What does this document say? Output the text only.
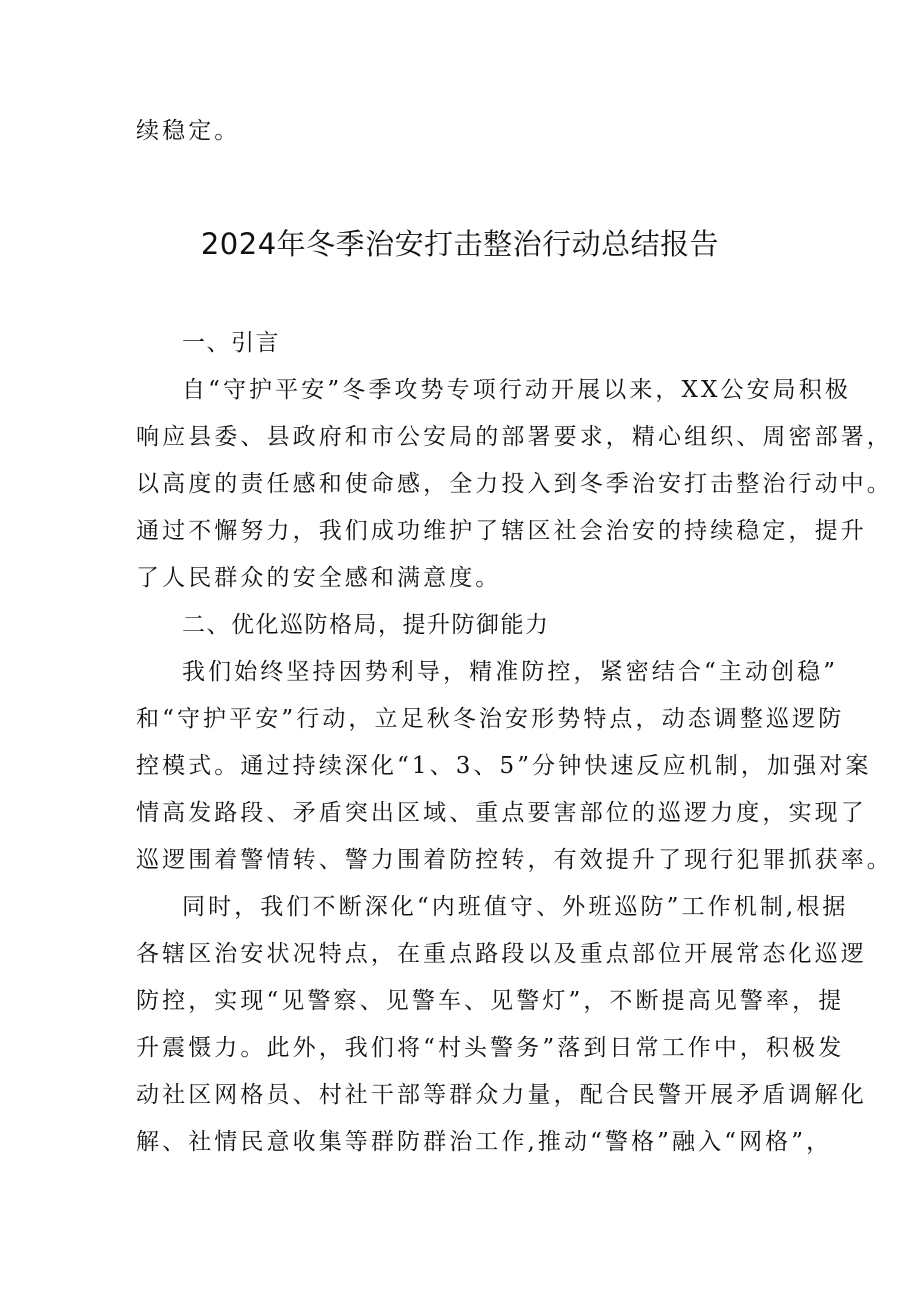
续稳定。
2024年冬季治安打击整治行动总结报告
一、引言
自“守护平安”冬季攻势专项行动开展以来，XX公安局积极
响应县委、县政府和市公安局的部署要求，精心组织、周密部署，
以高度的责任感和使命感，全力投入到冬季治安打击整治行动中。
通过不懈努力，我们成功维护了辖区社会治安的持续稳定，提升
了人民群众的安全感和满意度。
二、优化巡防格局，提升防御能力
我们始终坚持因势利导，精准防控，紧密结合“主动创稳”
和“守护平安”行动，立足秋冬治安形势特点，动态调整巡逻防
控模式。通过持续深化“1、3、5”分钟快速反应机制，加强对案
情高发路段、矛盾突出区域、重点要害部位的巡逻力度，实现了
巡逻围着警情转、警力围着防控转，有效提升了现行犯罪抓获率。
同时，我们不断深化“内班值守、外班巡防”工作机制,根据
各辖区治安状况特点，在重点路段以及重点部位开展常态化巡逻
防控，实现“见警察、见警车、见警灯”，不断提高见警率，提
升震慑力。此外，我们将“村头警务”落到日常工作中，积极发
动社区网格员、村社干部等群众力量，配合民警开展矛盾调解化
解、社情民意收集等群防群治工作,推动“警格”融入“网格”，
